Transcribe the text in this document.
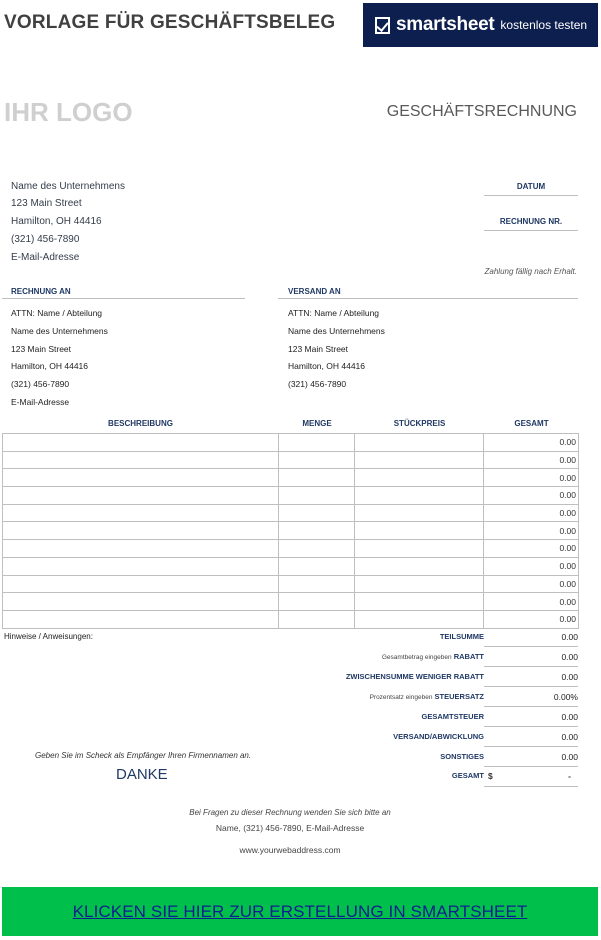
VORLAGE FÜR GESCHÄFTSBELEG	smartsheet kostenlos testen
IHR LOGO	GESCHÄFTSRECHNUNG
Name des Unternehmens
123 Main Street
Hamilton, OH 44416
(321) 456-7890
E-Mail-Adresse
DATUM
RECHNUNG NR.
Zahlung fällig nach Erhalt.
RECHNUNG AN
ATTN: Name / Abteilung
Name des Unternehmens
123 Main Street
Hamilton, OH 44416
(321) 456-7890
E-Mail-Adresse
VERSAND AN
ATTN: Name / Abteilung
Name des Unternehmens
123 Main Street
Hamilton, OH 44416
(321) 456-7890
BESCHREIBUNG	MENGE	STÜCKPREIS	GESAMT
			0.00
			0.00
			0.00
			0.00
			0.00
			0.00
			0.00
			0.00
			0.00
			0.00
			0.00
Hinweise / Anweisungen:	TEILSUMME	0.00
Gesamtbetrag eingeben RABATT	0.00
ZWISCHENSUMME WENIGER RABATT	0.00
Prozentsatz eingeben STEUERSATZ	0.00%
GESAMTSTEUER	0.00
VERSAND/ABWICKLUNG	0.00
SONSTIGES	0.00
GESAMT $	-
Geben Sie im Scheck als Empfänger Ihren Firmennamen an.
DANKE
Bei Fragen zu dieser Rechnung wenden Sie sich bitte an
Name, (321) 456-7890, E-Mail-Adresse
www.yourwebaddress.com
KLICKEN SIE HIER ZUR ERSTELLUNG IN SMARTSHEET
